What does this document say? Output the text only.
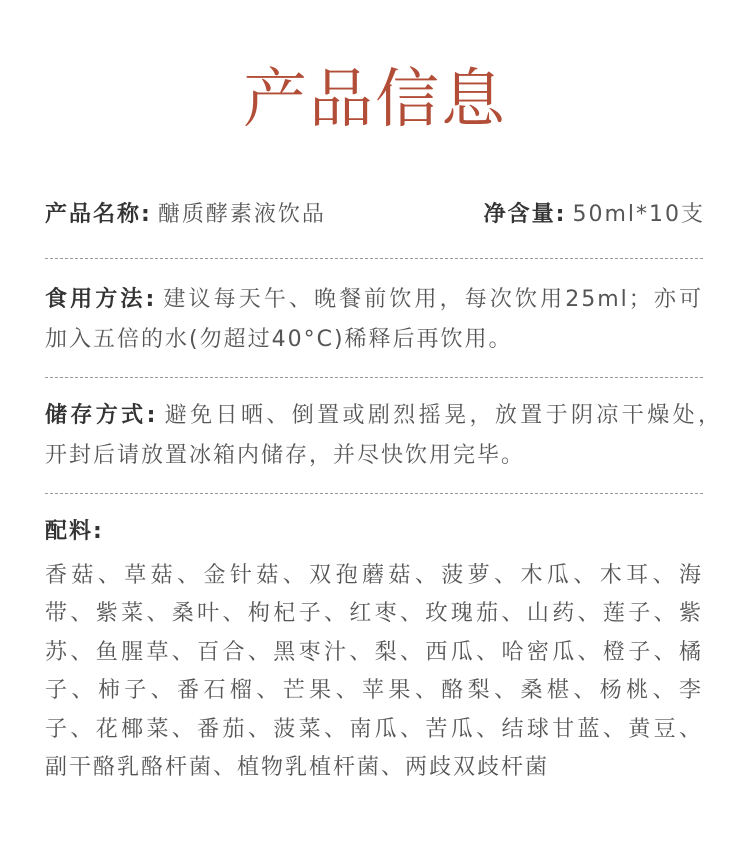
产品信息
产品名称: 醣质酵素液饮品	净含量: 50ml*10支
食用方法: 建议每天午、晚餐前饮用，每次饮用25ml；亦可
加入五倍的水(勿超过40°C)稀释后再饮用。
储存方式: 避免日晒、倒置或剧烈摇晃，放置于阴凉干燥处，
开封后请放置冰箱内储存，并尽快饮用完毕。
配料:
香菇、草菇、金针菇、双孢蘑菇、菠萝、木瓜、木耳、海
带、紫菜、桑叶、枸杞子、红枣、玫瑰茄、山药、莲子、紫
苏、鱼腥草、百合、黑枣汁、梨、西瓜、哈密瓜、橙子、橘
子、柿子、番石榴、芒果、苹果、酪梨、桑椹、杨桃、李
子、花椰菜、番茄、菠菜、南瓜、苦瓜、结球甘蓝、黄豆、
副干酪乳酪杆菌、植物乳植杆菌、两歧双歧杆菌
